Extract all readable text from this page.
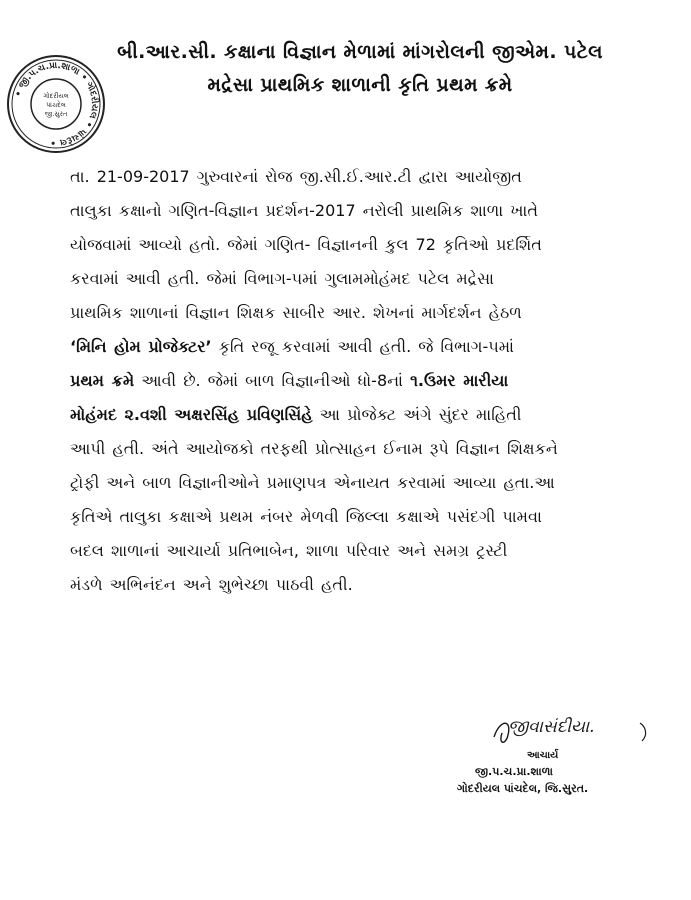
• જી.પ.ચ.પ્રા.શાળા • ગોદરીયલ • પાંચદેલ •
ગોદરીયલ
પાંચદેલ
જી.સુરત
બી.આર.સી. કક્ષાના વિજ્ઞાન મેળામાં માંગરોલની જીએમ. પટેલ
મદ્રેસા પ્રાથમિક શાળાની કૃતિ પ્રથમ ક્રમે
તા. 21-09-2017 ગુરુવારનાં રોજ જી.સી.ઈ.આર.ટી દ્વારા આયોજીત
તાલુકા કક્ષાનો ગણિત-વિજ્ઞાન પ્રદર્શન-2017 નરોલી પ્રાથમિક શાળા ખાતે
યોજવામાં આવ્યો હતો. જેમાં ગણિત- વિજ્ઞાનની કુલ 72 કૃતિઓ પ્રદર્શિત
કરવામાં આવી હતી. જેમાં વિભાગ-૫માં ગુલામમોહંમદ પટેલ મદ્રેસા
પ્રાથમિક શાળાનાં વિજ્ઞાન શિક્ષક સાબીર આર. શેખનાં માર્ગદર્શન હેઠળ
‘મિનિ હોમ પ્રોજેક્ટર’ કૃતિ રજૂ કરવામાં આવી હતી. જે વિભાગ-૫માં
પ્રથમ ક્રમે આવી છે. જેમાં બાળ વિજ્ઞાનીઓ ધો-8નાં ૧.ઉમર મારીયા
મોહંમદ ૨.વશી અક્ષરસિંહ પ્રવિણસિંહે આ પ્રોજેક્ટ અંગે સુંદર માહિતી
આપી હતી. અંતે આયોજકો તરફથી પ્રોત્સાહન ઈનામ રૂપે વિજ્ઞાન શિક્ષકને
ટ્રોફી અને બાળ વિજ્ઞાનીઓને પ્રમાણપત્ર એનાયત કરવામાં આવ્યા હતા.આ
કૃતિએ તાલુકા કક્ષાએ પ્રથમ નંબર મેળવી જિલ્લા કક્ષાએ પસંદગી પામવા
બદલ શાળાનાં આચાર્યા પ્રતિભાબેન, શાળા પરિવાર અને સમગ્ર ટ્રસ્ટી
મંડળે અભિનંદન અને શુભેચ્છા પાઠવી હતી.
જીવાસંદીયા.
આચાર્ય
જી.પ.ચ.પ્રા.શાળા
ગોદરીયલ પાંચદેલ, જિ.સુરત.
